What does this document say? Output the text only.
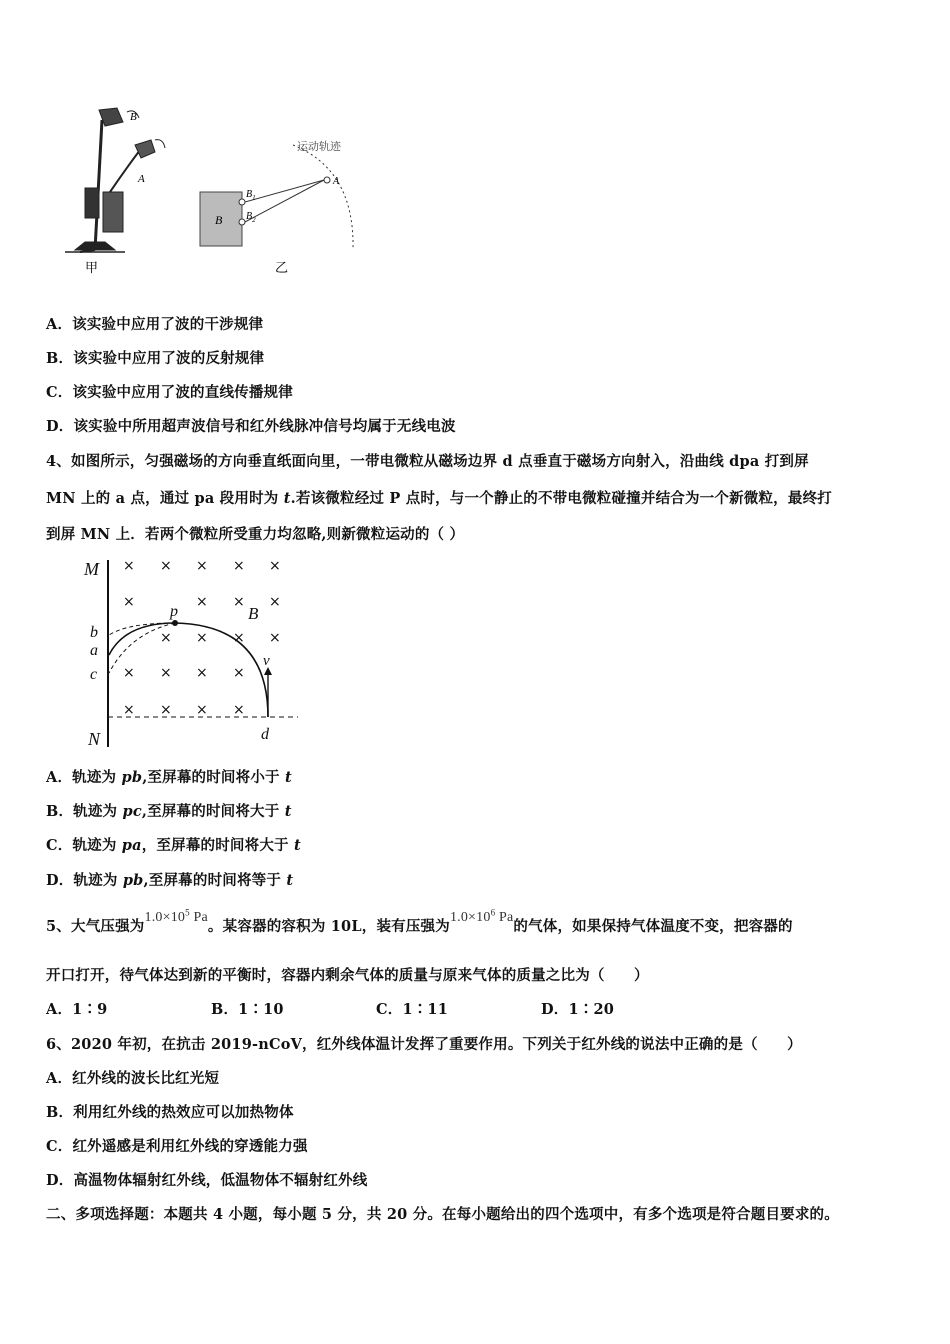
B
A
甲
B
$B_1$
$B_2$
A
运动轨迹
乙
A．该实验中应用了波的干涉规律
B．该实验中应用了波的反射规律
C．该实验中应用了波的直线传播规律
D．该实验中所用超声波信号和红外线脉冲信号均属于无线电波
4、如图所示，匀强磁场的方向垂直纸面向里，一带电微粒从磁场边界 d 点垂直于磁场方向射入，沿曲线 dpa 打到屏
MN 上的 a 点，通过 pa 段用时为 t.若该微粒经过 P 点时，与一个静止的不带电微粒碰撞并结合为一个新微粒，最终打
到屏 MN 上．若两个微粒所受重力均忽略,则新微粒运动的（ ）
× × × × ×
×	× × ×
× × × ×
× × × ×
× × × ×
M
N
b
a
c
d
p	B
v
A．轨迹为 pb,至屏幕的时间将小于 t
B．轨迹为 pc,至屏幕的时间将大于 t
C．轨迹为 pa，至屏幕的时间将大于 t
D．轨迹为 pb,至屏幕的时间将等于 t
5、大气压强为$1.0\times 10^5$ Pa。某容器的容积为 10L，装有压强为$1.0\times 10^6$ Pa的气体，如果保持气体温度不变，把容器的
开口打开，待气体达到新的平衡时，容器内剩余气体的质量与原来气体的质量之比为（　　）
A．1∶9	B．1∶10	C．1∶11	D．1∶20
6、2020 年初，在抗击 2019-nCoV，红外线体温计发挥了重要作用。下列关于红外线的说法中正确的是（　　）
A．红外线的波长比红光短
B．利用红外线的热效应可以加热物体
C．红外遥感是利用红外线的穿透能力强
D．高温物体辐射红外线，低温物体不辐射红外线
二、多项选择题：本题共 4 小题，每小题 5 分，共 20 分。在每小题给出的四个选项中，有多个选项是符合题目要求的。
